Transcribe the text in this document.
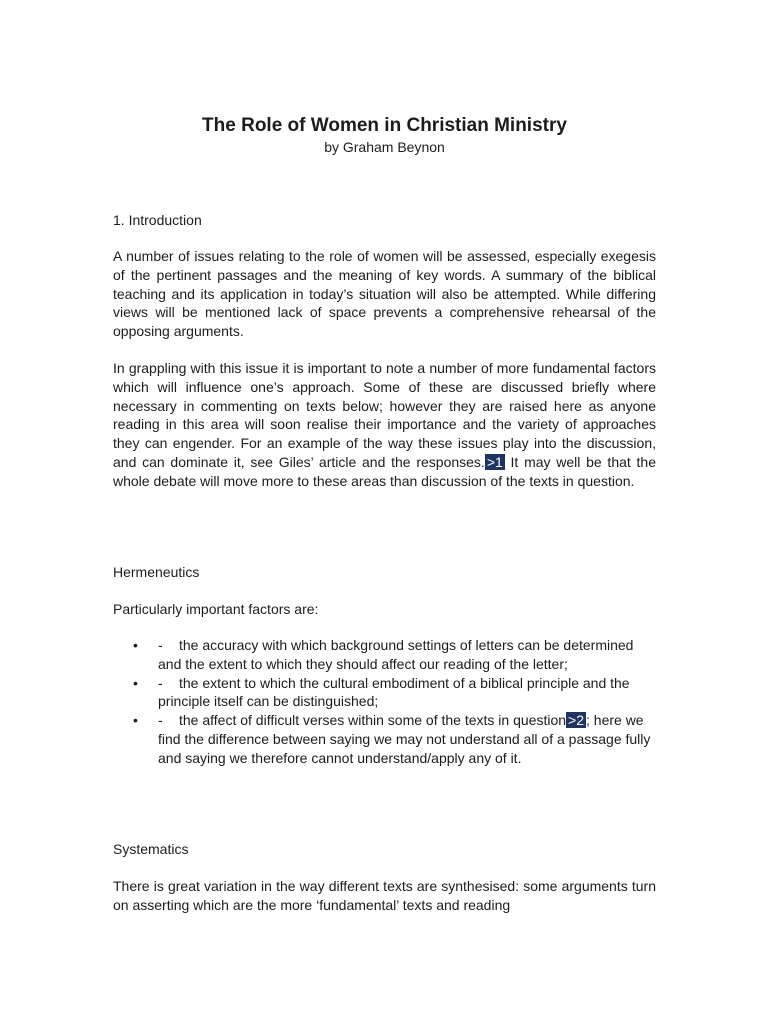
The Role of Women in Christian Ministry

by Graham Beynon

1. Introduction

A number of issues relating to the role of women will be assessed, especially exegesis of the pertinent passages and the meaning of key words. A summary of the biblical teaching and its application in today’s situation will also be attempted. While differing views will be mentioned lack of space prevents a comprehensive rehearsal of the opposing arguments.

In grappling with this issue it is important to note a number of more fundamental factors which will influence one’s approach. Some of these are discussed briefly where necessary in commenting on texts below; however they are raised here as anyone reading in this area will soon realise their importance and the variety of approaches they can engender. For an example of the way these issues play into the discussion, and can dominate it, see Giles’ article and the responses. >1 It may well be that the whole debate will move more to these areas than discussion of the texts in question.

Hermeneutics

Particularly important factors are:

• - the accuracy with which background settings of letters can be determined and the extent to which they should affect our reading of the letter;
• - the extent to which the cultural embodiment of a biblical principle and the principle itself can be distinguished;
• - the affect of difficult verses within some of the texts in question >2 ; here we find the difference between saying we may not understand all of a passage fully and saying we therefore cannot understand/apply any of it.
Systematics

There is great variation in the way different texts are synthesised: some arguments turn on asserting which are the more ‘fundamental’ texts and reading
